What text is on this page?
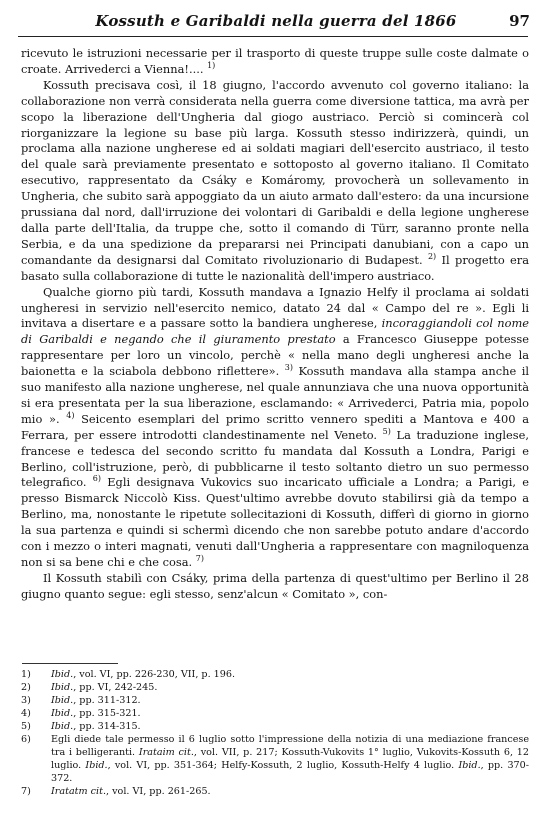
Kossuth e Garibaldi nella guerra del 1866	97

ricevuto le istruzioni necessarie per il trasporto di queste truppe sulle coste dalmate o croate. Arrivederci a Vienna!.... $^{1)}$

Kossuth precisava così, il 18 giugno, l'accordo avvenuto col governo italiano: la collaborazione non verrà considerata nella guerra come diversione tattica, ma avrà per scopo la liberazione dell'Ungheria dal giogo austriaco. Perciò si comincerà col riorganizzare la legione su base più larga. Kossuth stesso indirizzerà, quindi, un proclama alla nazione ungherese ed ai soldati magiari dell'esercito austriaco, il testo del quale sarà previamente presentato e sottoposto al governo italiano. Il Comitato esecutivo, rappresentato da Csáky e Komáromy, provocherà un sollevamento in Ungheria, che subito sarà appoggiato da un aiuto armato dall'estero: da una incursione prussiana dal nord, dall'irruzione dei volontari di Garibaldi e della legione ungherese dalla parte dell'Italia, da truppe che, sotto il comando di Türr, saranno pronte nella Serbia, e da una spedizione da prepararsi nei Principati danubiani, con a capo un comandante da designarsi dal Comitato rivoluzionario di Budapest. $^{2)}$ Il progetto era basato sulla collaborazione di tutte le nazionalità dell'impero austriaco.

Qualche giorno più tardi, Kossuth mandava a Ignazio Helfy il proclama ai soldati ungheresi in servizio nell'esercito nemico, datato 24 dal « Campo del re ». Egli li invitava a disertare e a passare sotto la bandiera ungherese, incoraggiandoli col nome di Garibaldi e negando che il giuramento prestato a Francesco Giuseppe potesse rappresentare per loro un vincolo, perchè « nella mano degli ungheresi anche la baionetta e la sciabola debbono riflettere». $^{3)}$ Kossuth mandava alla stampa anche il suo manifesto alla nazione ungherese, nel quale annunziava che una nuova opportunità si era presentata per la sua liberazione, esclamando: « Arrivederci, Patria mia, popolo mio ». $^{4)}$ Seicento esemplari del primo scritto vennero spediti a Mantova e 400 a Ferrara, per essere introdotti clandestinamente nel Veneto. $^{5)}$ La traduzione inglese, francese e tedesca del secondo scritto fu mandata dal Kossuth a Londra, Parigi e Berlino, coll'istruzione, però, di pubblicarne il testo soltanto dietro un suo permesso telegrafico. $^{6)}$ Egli designava Vukovics suo incaricato ufficiale a Londra; a Parigi, e presso Bismarck Niccolò Kiss. Quest'ultimo avrebbe dovuto stabilirsi già da tempo a Berlino, ma, nonostante le ripetute sollecitazioni di Kossuth, differì di giorno in giorno la sua partenza e quindi si schermì dicendo che non sarebbe potuto andare d'accordo con i mezzo o interi magnati, venuti dall'Ungheria a rappresentare con magniloquenza non si sa bene chi e che cosa. $^{7)}$

Il Kossuth stabilì con Csáky, prima della partenza di quest'ultimo per Berlino il 28 giugno quanto segue: egli stesso, senz'alcun « Comitato », con-

1) Ibid., vol. VI, pp. 226-230, VII, p. 196.

2) Ibid., pp. VI, 242-245.

3) Ibid., pp. 311-312.

4) Ibid., pp. 315-321.

5) Ibid., pp. 314-315.

6) Egli diede tale permesso il 6 luglio sotto l'impressione della notizia di una mediazione francese tra i belligeranti. Irataim cit., vol. VII, p. 217; Kossuth-Vukovits 1° luglio, Vukovits-Kossuth 6, 12 luglio. Ibid., vol. VI, pp. 351-364; Helfy-Kossuth, 2 luglio, Kossuth-Helfy 4 luglio. Ibid., pp. 370-372.

7) Iratatm cit., vol. VI, pp. 261-265.
